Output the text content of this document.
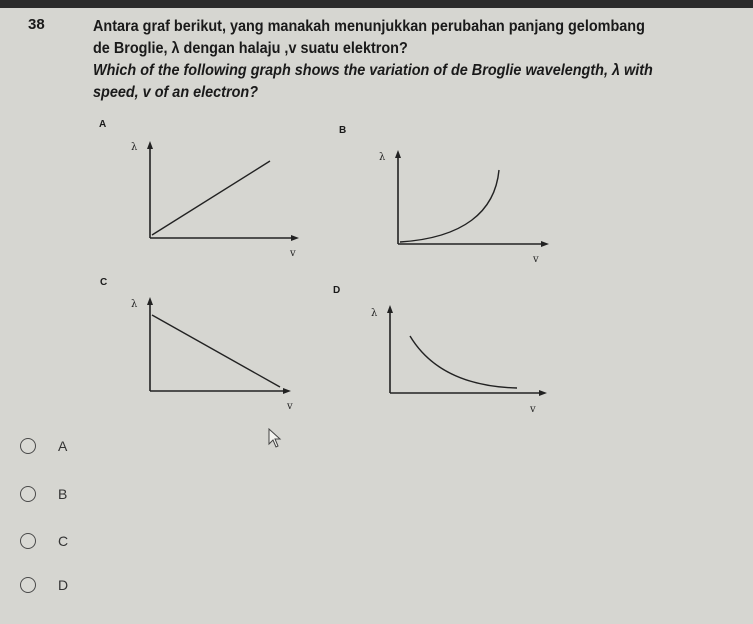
38	Antara graf berikut, yang manakah menunjukkan perubahan panjang gelombang
de Broglie, λ dengan halaju ,v suatu elektron?
Which of the following graph shows the variation of de Broglie wavelength, λ with
speed, v of an electron?
A
λ
v
B
λ
v
C
λ
v
D
λ
v
A
B
C
D
